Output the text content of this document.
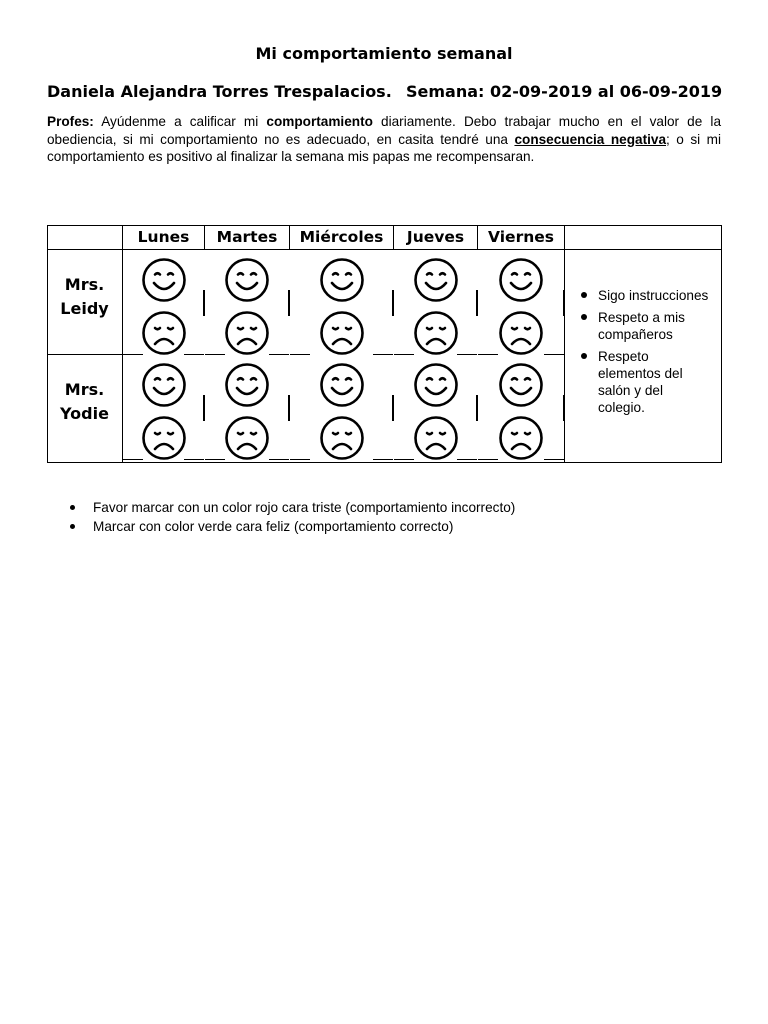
Mi comportamiento semanal
Daniela Alejandra Torres Trespalacios. Semana: 02-09-2019 al 06-09-2019
Profes: Ayúdenme a calificar mi comportamiento diariamente. Debo trabajar mucho en el valor de la obediencia, si mi comportamiento no es adecuado, en casita tendré una consecuencia negativa; o si mi comportamiento es positivo al finalizar la semana mis papas me recompensaran.
Lunes	Martes	Miércoles	Jueves	Viernes
Mrs.
Leidy
Mrs.
Yodie
Sigo instrucciones
Respeto a mis compañeros
Respeto elementos del salón y del colegio.
Favor marcar con un color rojo cara triste (comportamiento incorrecto)
Marcar con color verde cara feliz (comportamiento correcto)
